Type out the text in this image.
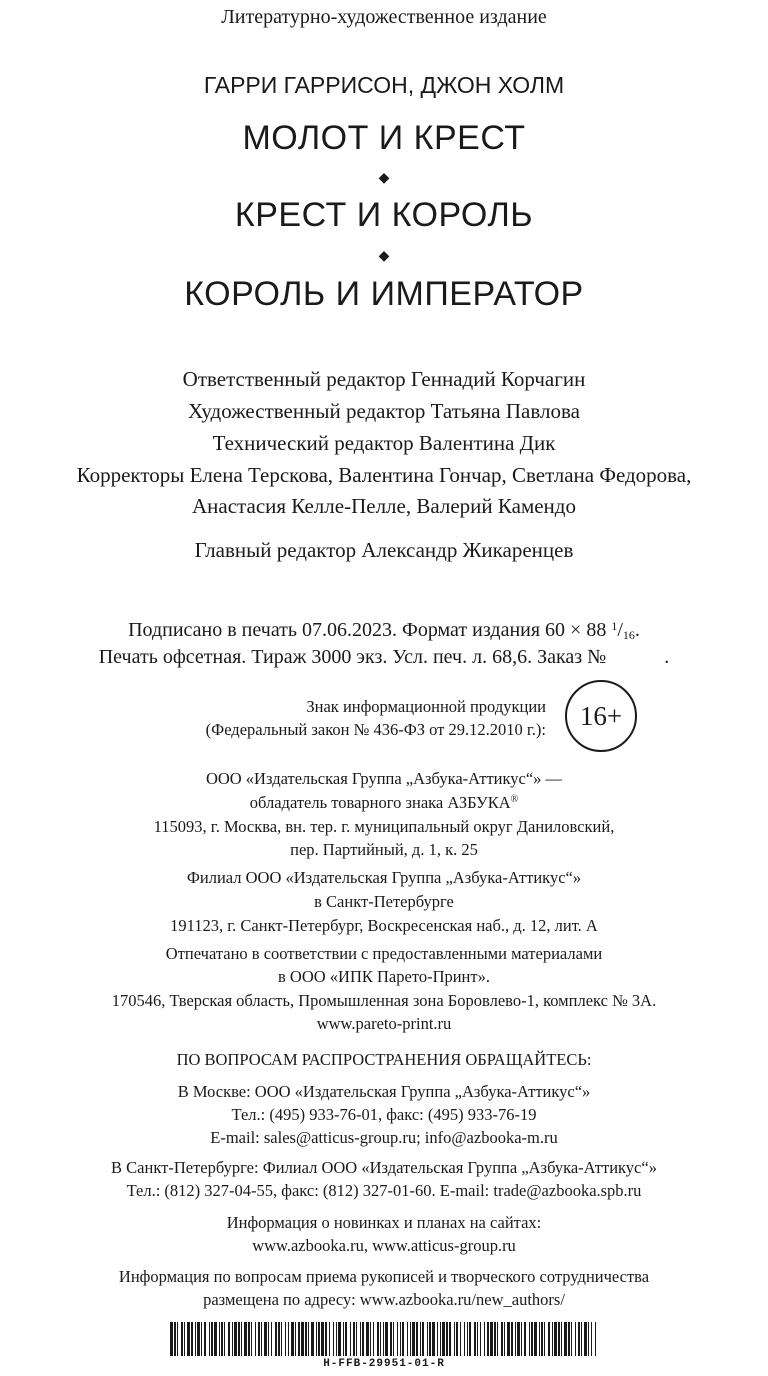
Литературно-художественное издание
ГАРРИ ГАРРИСОН, ДЖОН ХОЛМ
МОЛОТ И КРЕСТ
◆
КРЕСТ И КОРОЛЬ
◆
КОРОЛЬ И ИМПЕРАТОР
Ответственный редактор Геннадий Корчагин
Художественный редактор Татьяна Павлова
Технический редактор Валентина Дик
Корректоры Елена Терскова, Валентина Гончар, Светлана Федорова,
Анастасия Келле-Пелле, Валерий Камендо
Главный редактор Александр Жикаренцев
Подписано в печать 07.06.2023. Формат издания 60 × 88 $^1/_{16}$.
Печать офсетная. Тираж 3000 экз. Усл. печ. л. 68,6. Заказ №	.
Знак информационной продукции
(Федеральный закон № 436-ФЗ от 29.12.2010 г.):	16+
ООО «Издательская Группа „Азбука-Аттикус“» —
обладатель товарного знака АЗБУКА®
115093, г. Москва, вн. тер. г. муниципальный округ Даниловский,
пер. Партийный, д. 1, к. 25
Филиал ООО «Издательская Группа „Азбука-Аттикус“»
в Санкт-Петербурге
191123, г. Санкт-Петербург, Воскресенская наб., д. 12, лит. А
Отпечатано в соответствии с предоставленными материалами
в ООО «ИПК Парето-Принт».
170546, Тверская область, Промышленная зона Боровлево-1, комплекс № 3А.
www.pareto-print.ru
ПО ВОПРОСАМ РАСПРОСТРАНЕНИЯ ОБРАЩАЙТЕСЬ:
В Москве: ООО «Издательская Группа „Азбука-Аттикус“»
Тел.: (495) 933-76-01, факс: (495) 933-76-19
E-mail: sales@atticus-group.ru; info@azbooka-m.ru
В Санкт-Петербурге: Филиал ООО «Издательская Группа „Азбука-Аттикус“»
Тел.: (812) 327-04-55, факс: (812) 327-01-60. E-mail: trade@azbooka.spb.ru
Информация о новинках и планах на сайтах:
www.azbooka.ru, www.atticus-group.ru
Информация по вопросам приема рукописей и творческого сотрудничества
размещена по адресу: www.azbooka.ru/new_authors/
H-FFB-29951-01-R
